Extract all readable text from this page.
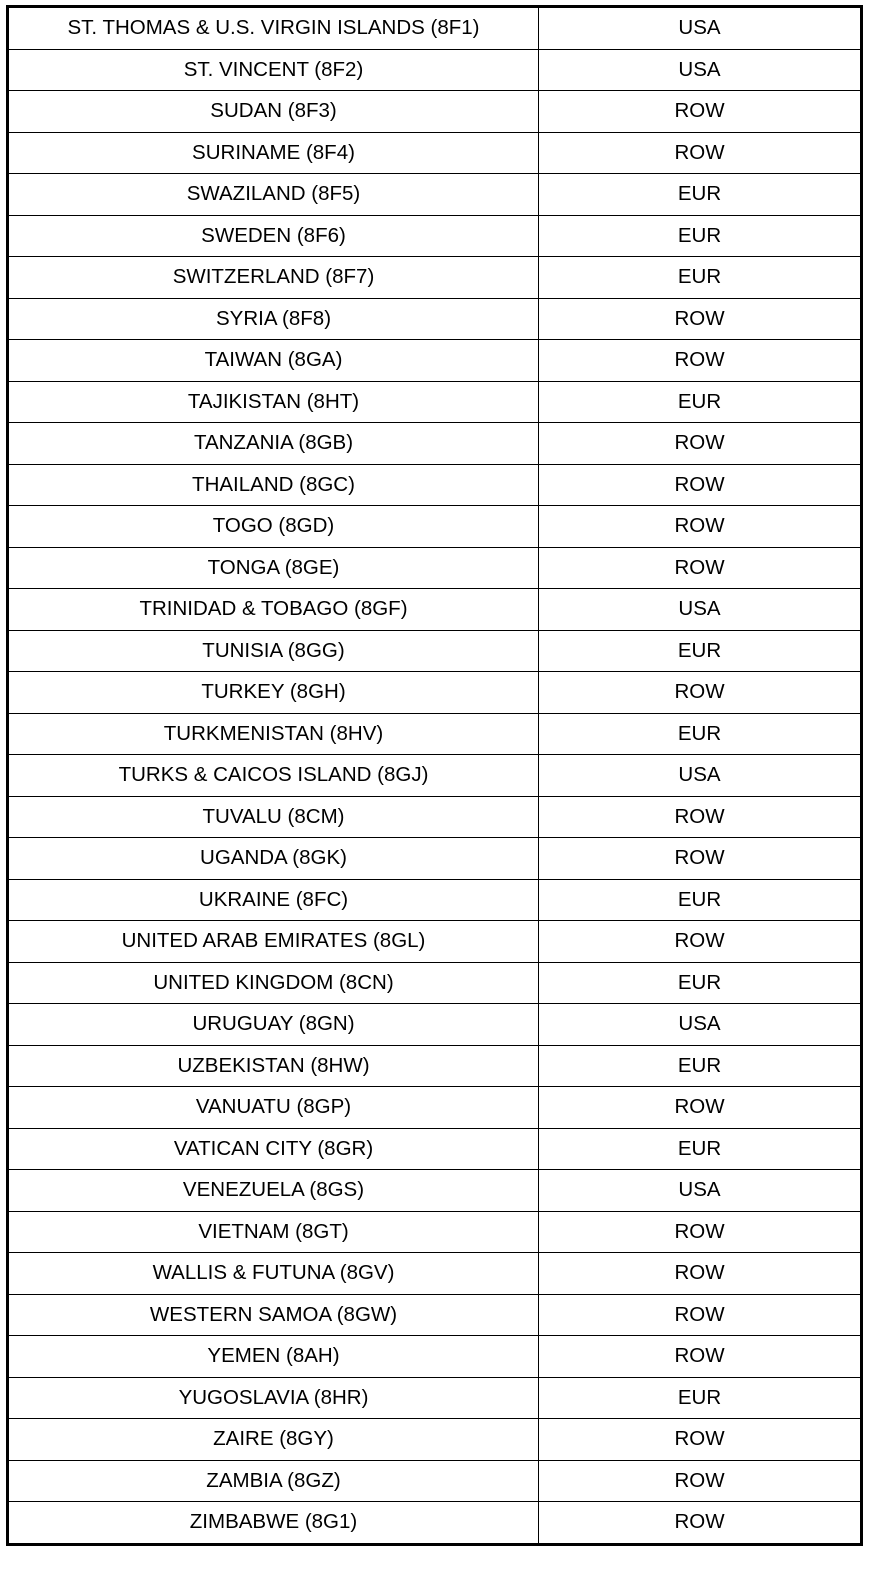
ST. THOMAS & U.S. VIRGIN ISLANDS (8F1)	USA
ST. VINCENT (8F2)	USA
SUDAN (8F3)	ROW
SURINAME (8F4)	ROW
SWAZILAND (8F5)	EUR
SWEDEN (8F6)	EUR
SWITZERLAND (8F7)	EUR
SYRIA (8F8)	ROW
TAIWAN (8GA)	ROW
TAJIKISTAN (8HT)	EUR
TANZANIA (8GB)	ROW
THAILAND (8GC)	ROW
TOGO (8GD)	ROW
TONGA (8GE)	ROW
TRINIDAD & TOBAGO (8GF)	USA
TUNISIA (8GG)	EUR
TURKEY (8GH)	ROW
TURKMENISTAN (8HV)	EUR
TURKS & CAICOS ISLAND (8GJ)	USA
TUVALU (8CM)	ROW
UGANDA (8GK)	ROW
UKRAINE (8FC)	EUR
UNITED ARAB EMIRATES (8GL)	ROW
UNITED KINGDOM (8CN)	EUR
URUGUAY (8GN)	USA
UZBEKISTAN (8HW)	EUR
VANUATU (8GP)	ROW
VATICAN CITY (8GR)	EUR
VENEZUELA (8GS)	USA
VIETNAM (8GT)	ROW
WALLIS & FUTUNA (8GV)	ROW
WESTERN SAMOA (8GW)	ROW
YEMEN (8AH)	ROW
YUGOSLAVIA (8HR)	EUR
ZAIRE (8GY)	ROW
ZAMBIA (8GZ)	ROW
ZIMBABWE (8G1)	ROW
